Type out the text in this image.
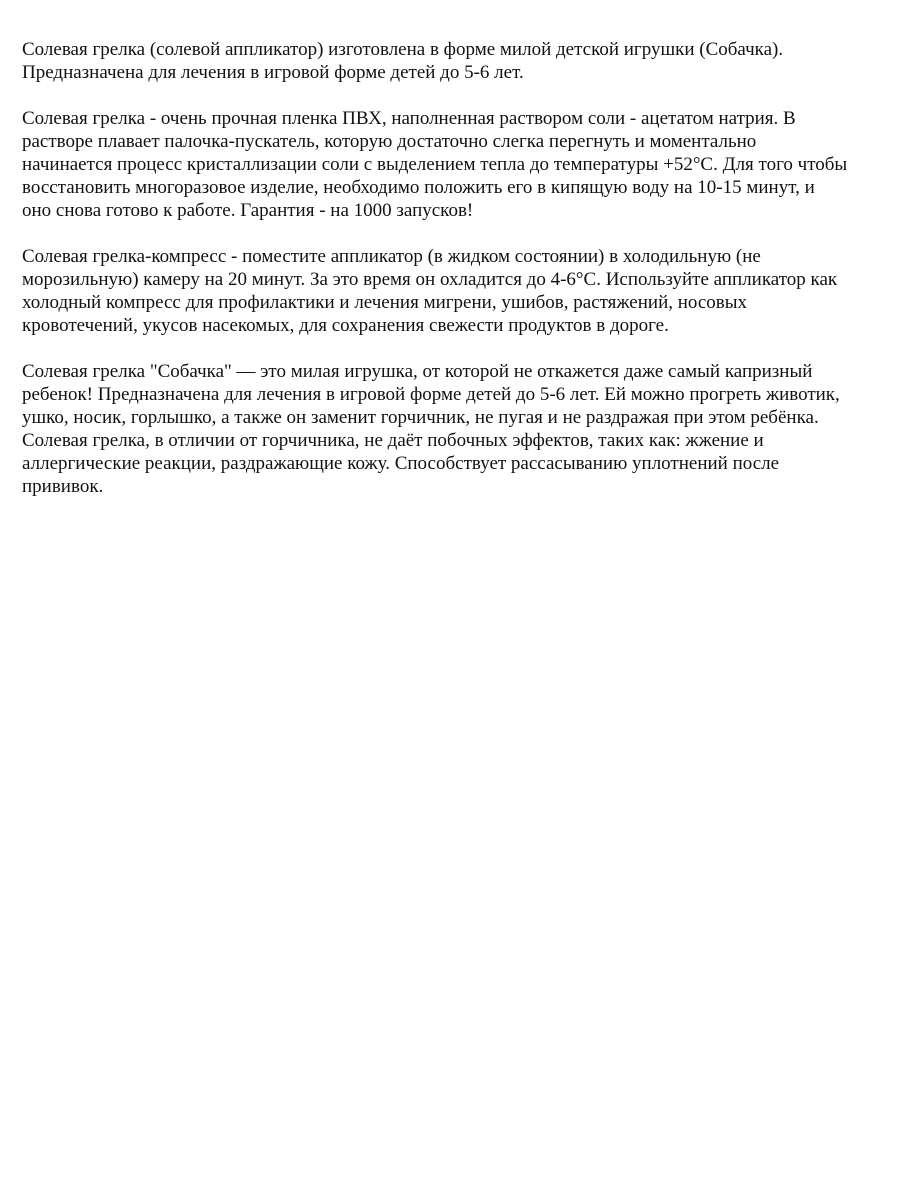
Солевая грелка (солевой аппликатор) изготовлена в форме милой детской игрушки (Собачка).
Предназначена для лечения в игровой форме детей до 5-6 лет.

Солевая грелка - очень прочная пленка ПВХ, наполненная раствором соли - ацетатом натрия. В
растворе плавает палочка-пускатель, которую достаточно слегка перегнуть и моментально
начинается процесс кристаллизации соли с выделением тепла до температуры +52°С. Для того чтобы
восстановить многоразовое изделие, необходимо положить его в кипящую воду на 10-15 минут, и
оно снова готово к работе. Гарантия - на 1000 запусков!

Солевая грелка-компресс - поместите аппликатор (в жидком состоянии) в холодильную (не
морозильную) камеру на 20 минут. За это время он охладится до 4-6°С. Используйте аппликатор как
холодный компресс для профилактики и лечения мигрени, ушибов, растяжений, носовых
кровотечений, укусов насекомых, для сохранения свежести продуктов в дороге.

Солевая грелка "Собачка" — это милая игрушка, от которой не откажется даже самый капризный
ребенок! Предназначена для лечения в игровой форме детей до 5-6 лет. Ей можно прогреть животик,
ушко, носик, горлышко, а также он заменит горчичник, не пугая и не раздражая при этом ребёнка.
Солевая грелка, в отличии от горчичника, не даёт побочных эффектов, таких как: жжение и
аллергические реакции, раздражающие кожу. Способствует рассасыванию уплотнений после
прививок.
